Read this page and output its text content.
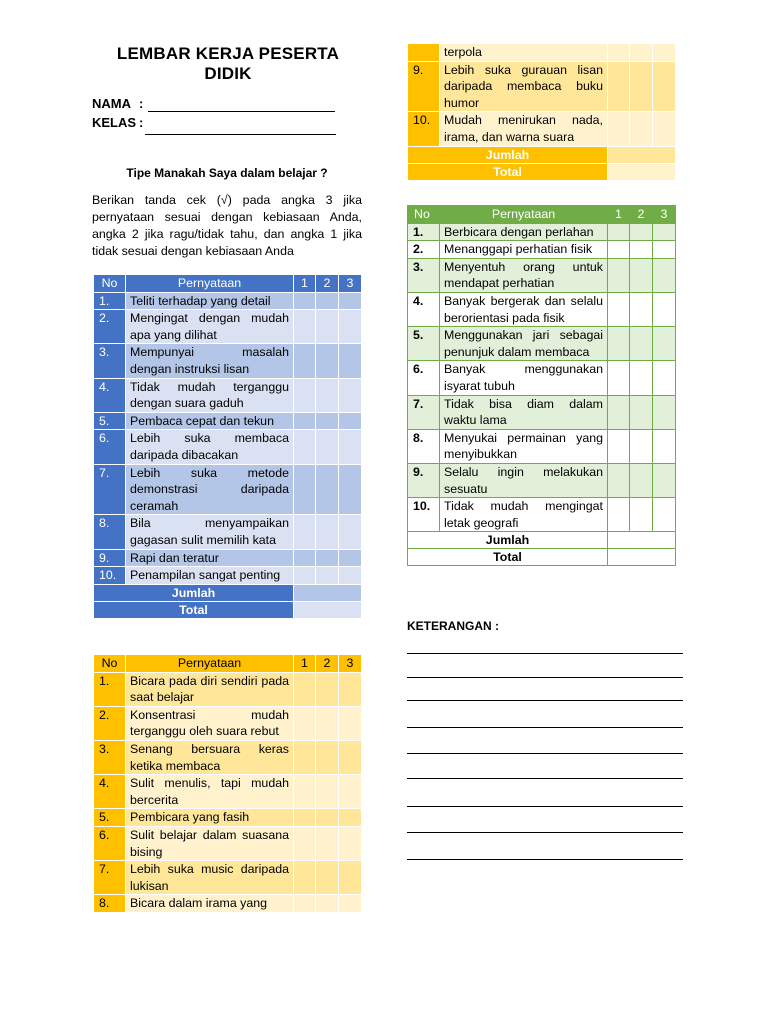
LEMBAR KERJA PESERTA DIDIK
NAMA :
KELAS :
Tipe Manakah Saya dalam belajar ?
Berikan tanda cek (√) pada angka 3 jika pernyataan sesuai dengan kebiasaan Anda, angka 2 jika ragu/tidak tahu, dan angka 1 jika tidak sesuai dengan kebiasaan Anda
No	Pernyataan	1	2	3
1.	Teliti terhadap yang detail			
2.	Mengingat dengan mudah apa yang dilihat			
3.	Mempunyai masalah dengan instruksi lisan			
4.	Tidak mudah terganggu dengan suara gaduh			
5.	Pembaca cepat dan tekun			
6.	Lebih suka membaca daripada dibacakan			
7.	Lebih suka metode demonstrasi daripada ceramah			
8.	Bila menyampaikan gagasan sulit memilih kata			
9.	Rapi dan teratur			
10.	Penampilan sangat penting			
Jumlah				
Total				
No	Pernyataan	1	2	3
1.	Bicara pada diri sendiri pada saat belajar			
2.	Konsentrasi mudah terganggu oleh suara rebut			
3.	Senang bersuara keras ketika membaca			
4.	Sulit menulis, tapi mudah bercerita			
5.	Pembicara yang fasih			
6.	Sulit belajar dalam suasana bising			
7.	Lebih suka music daripada lukisan			
8.	Bicara dalam irama yang			
	terpola			
9.	Lebih suka gurauan lisan daripada membaca buku humor			
10.	Mudah menirukan nada, irama, dan warna suara			
Jumlah				
Total				
No	Pernyataan	1	2	3
1.	Berbicara dengan perlahan			
2.	Menanggapi perhatian fisik			
3.	Menyentuh orang untuk mendapat perhatian			
4.	Banyak bergerak dan selalu berorientasi pada fisik			
5.	Menggunakan jari sebagai penunjuk dalam membaca			
6.	Banyak menggunakan isyarat tubuh			
7.	Tidak bisa diam dalam waktu lama			
8.	Menyukai permainan yang menyibukkan			
9.	Selalu ingin melakukan sesuatu			
10.	Tidak mudah mengingat letak geografi			
Jumlah				
Total				
KETERANGAN :
